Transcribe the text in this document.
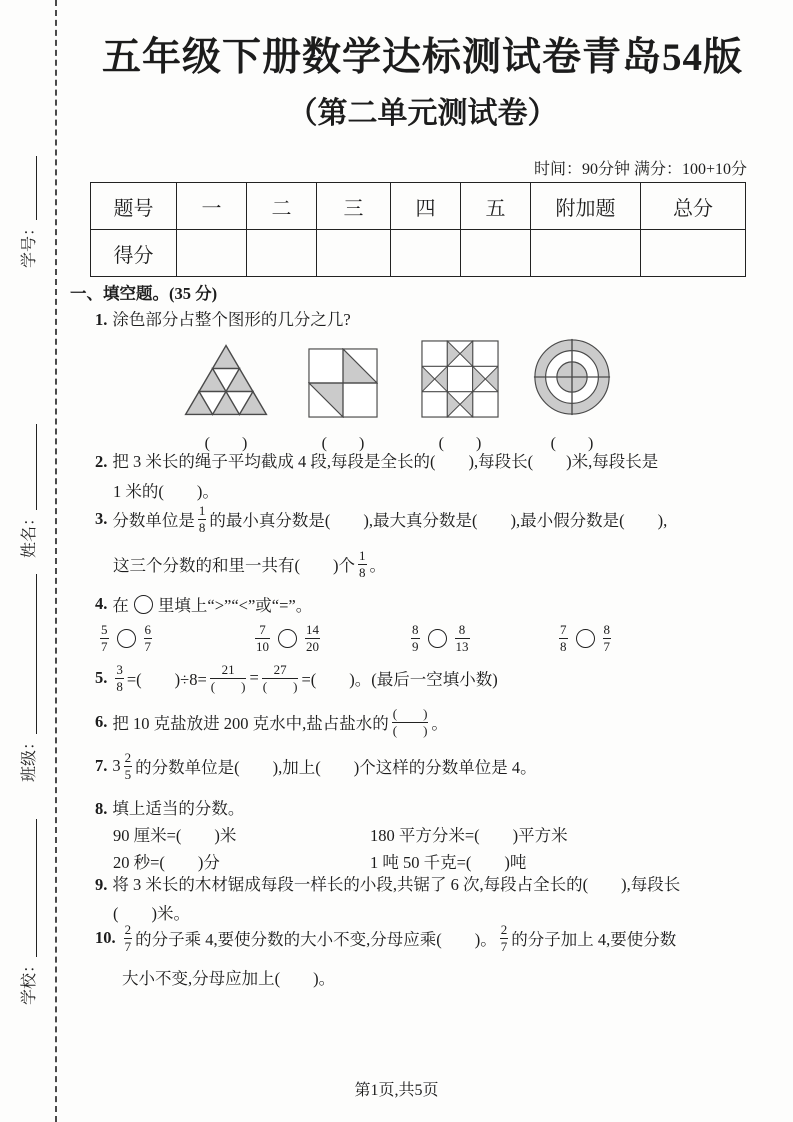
学号：
姓名：
班级：
学校：
五年级下册数学达标测试卷青岛54版
（第二单元测试卷）
时间：90分钟 满分：100+10分
题号	一	二	三	四	五	附加题	总分
得分							
一、填空题。(35 分)
1. 涂色部分占整个图形的几分之几?
(　　)	(　　)	(　　)	(　　)
2. 把 3 米长的绳子平均截成 4 段,每段是全长的(　　),每段长(　　)米,每段长是
1 米的(　　)。
3. 分数单位是 $\frac{1}{8}$ 的最小真分数是(　　),最大真分数是(　　),最小假分数是(　　),
这三个分数的和里一共有(　　)个 $\frac{1}{8}$ 。
4. 在 里填上“>”“<”或“=”。
$\frac{5}{7}$	$\frac{6}{7}$	$\frac{7}{10}$	$\frac{14}{20}$	$\frac{8}{9}$	$\frac{8}{13}$	$\frac{7}{8}$	$\frac{8}{7}$
5. $\frac{3}{8}$ =(　　)$\div 8= \frac{21}{( )} = \frac{27}{( )}$ =(　　)。 (最后一空填小数)
6. 把 10 克盐放进 200 克水中,盐占盐水的 $\frac{( )}{( )}$ 。
7. $3 \frac{2}{5}$ 的分数单位是(　　),加上(　　)个这样的分数单位是 4。
8. 填上适当的分数。
90 厘米=(　　)米	180 平方分米=(　　)平方米
20 秒=(　　)分	1 吨 50 千克=(　　)吨
9. 将 3 米长的木材锯成每段一样长的小段,共锯了 6 次,每段占全长的(　　),每段长
(　　)米。
10. $\frac{2}{7}$ 的分子乘 4,要使分数的大小不变,分母应乘(　　)。 $\frac{2}{7}$ 的分子加上 4,要使分数
大小不变,分母应加上(　　)。
第1页,共5页
